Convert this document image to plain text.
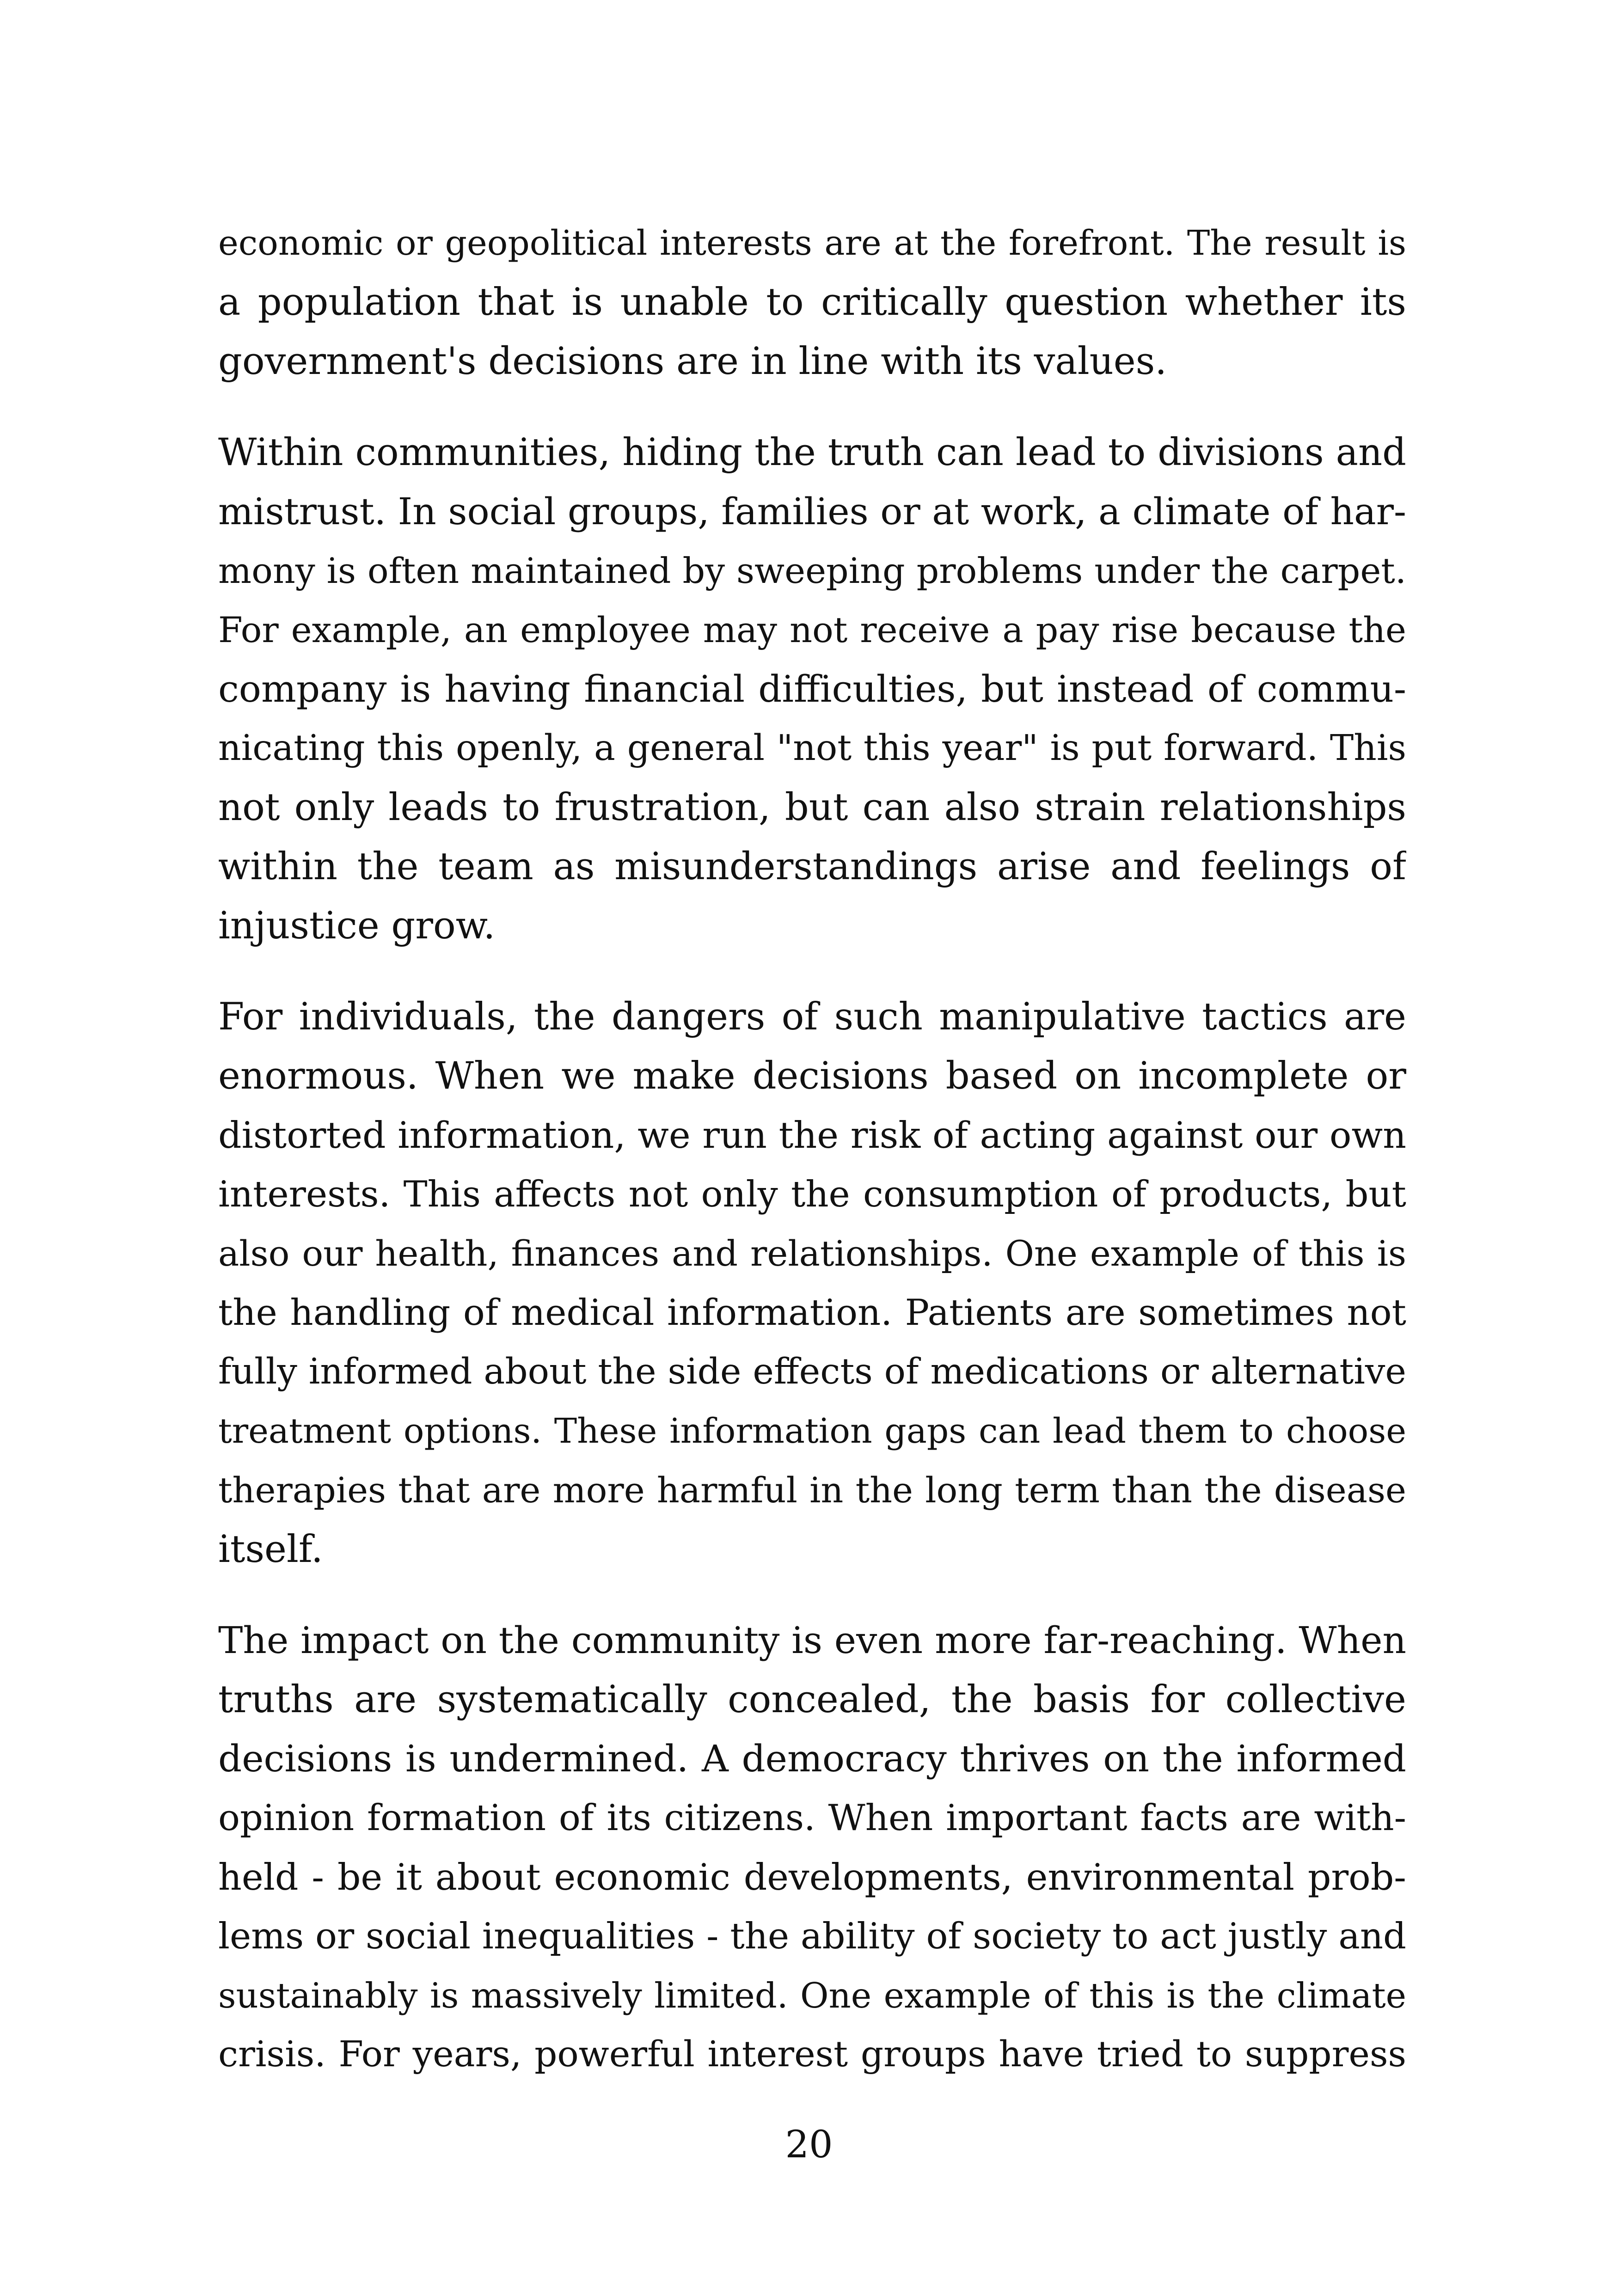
economic or geopolitical interests are at the forefront. The result is
a population that is unable to critically question whether its
government's decisions are in line with its values.
Within communities, hiding the truth can lead to divisions and
mistrust. In social groups, families or at work, a climate of har-
mony is often maintained by sweeping problems under the carpet.
For example, an employee may not receive a pay rise because the
company is having financial difficulties, but instead of commu-
nicating this openly, a general "not this year" is put forward. This
not only leads to frustration, but can also strain relationships
within the team as misunderstandings arise and feelings of
injustice grow.
For individuals, the dangers of such manipulative tactics are
enormous. When we make decisions based on incomplete or
distorted information, we run the risk of acting against our own
interests. This affects not only the consumption of products, but
also our health, finances and relationships. One example of this is
the handling of medical information. Patients are sometimes not
fully informed about the side effects of medications or alternative
treatment options. These information gaps can lead them to choose
therapies that are more harmful in the long term than the disease
itself.
The impact on the community is even more far-reaching. When
truths are systematically concealed, the basis for collective
decisions is undermined. A democracy thrives on the informed
opinion formation of its citizens. When important facts are with-
held - be it about economic developments, environmental prob-
lems or social inequalities - the ability of society to act justly and
sustainably is massively limited. One example of this is the climate
crisis. For years, powerful interest groups have tried to suppress
20
